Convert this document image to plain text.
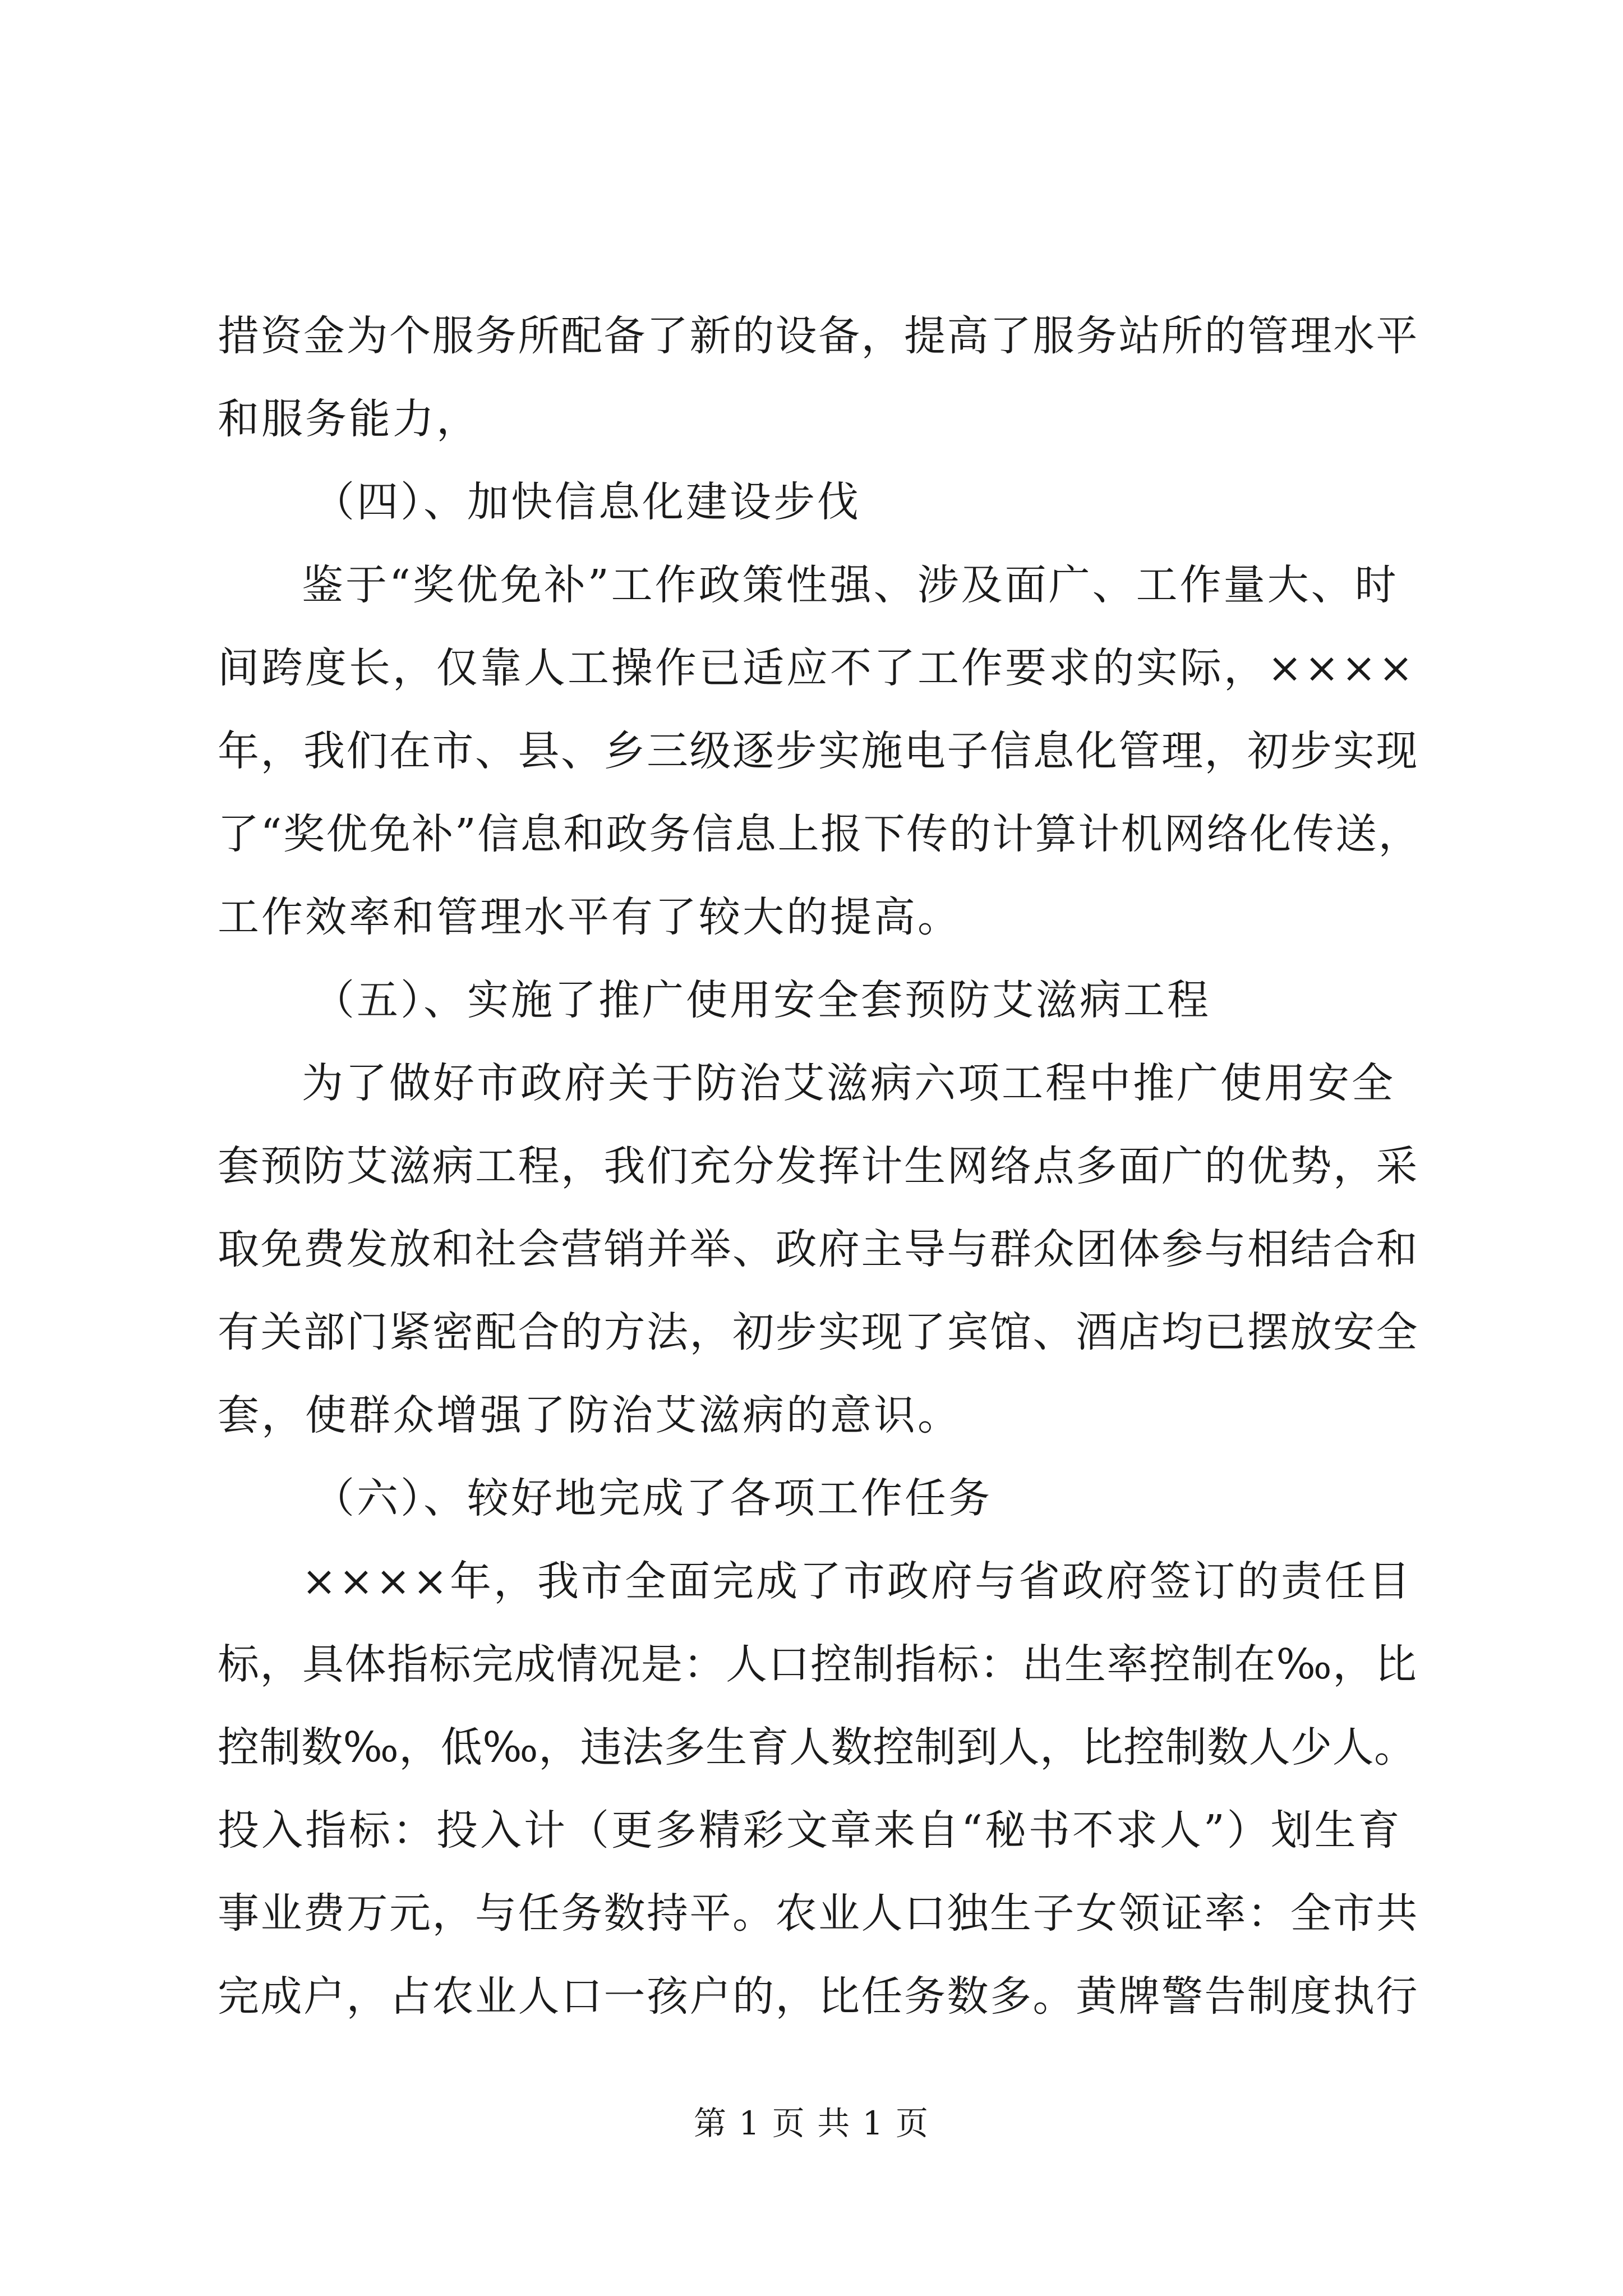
措资金为个服务所配备了新的设备，提高了服务站所的管理水平
和服务能力，
（四）、加快信息化建设步伐
鉴于“奖优免补”工作政策性强、涉及面广、工作量大、时
间跨度长，仅靠人工操作已适应不了工作要求的实际，××××
年，我们在市、县、乡三级逐步实施电子信息化管理，初步实现
了“奖优免补”信息和政务信息上报下传的计算计机网络化传送，
工作效率和管理水平有了较大的提高。
（五）、实施了推广使用安全套预防艾滋病工程
为了做好市政府关于防治艾滋病六项工程中推广使用安全
套预防艾滋病工程，我们充分发挥计生网络点多面广的优势，采
取免费发放和社会营销并举、政府主导与群众团体参与相结合和
有关部门紧密配合的方法，初步实现了宾馆、酒店均已摆放安全
套，使群众增强了防治艾滋病的意识。
（六）、较好地完成了各项工作任务
××××年，我市全面完成了市政府与省政府签订的责任目
标，具体指标完成情况是：人口控制指标：出生率控制在‰，比
控制数‰，低‰，违法多生育人数控制到人，比控制数人少人。
投入指标：投入计（更多精彩文章来自“秘书不求人”）划生育
事业费万元，与任务数持平。农业人口独生子女领证率：全市共
完成户，占农业人口一孩户的，比任务数多。黄牌警告制度执行
第 1 页 共 1 页
